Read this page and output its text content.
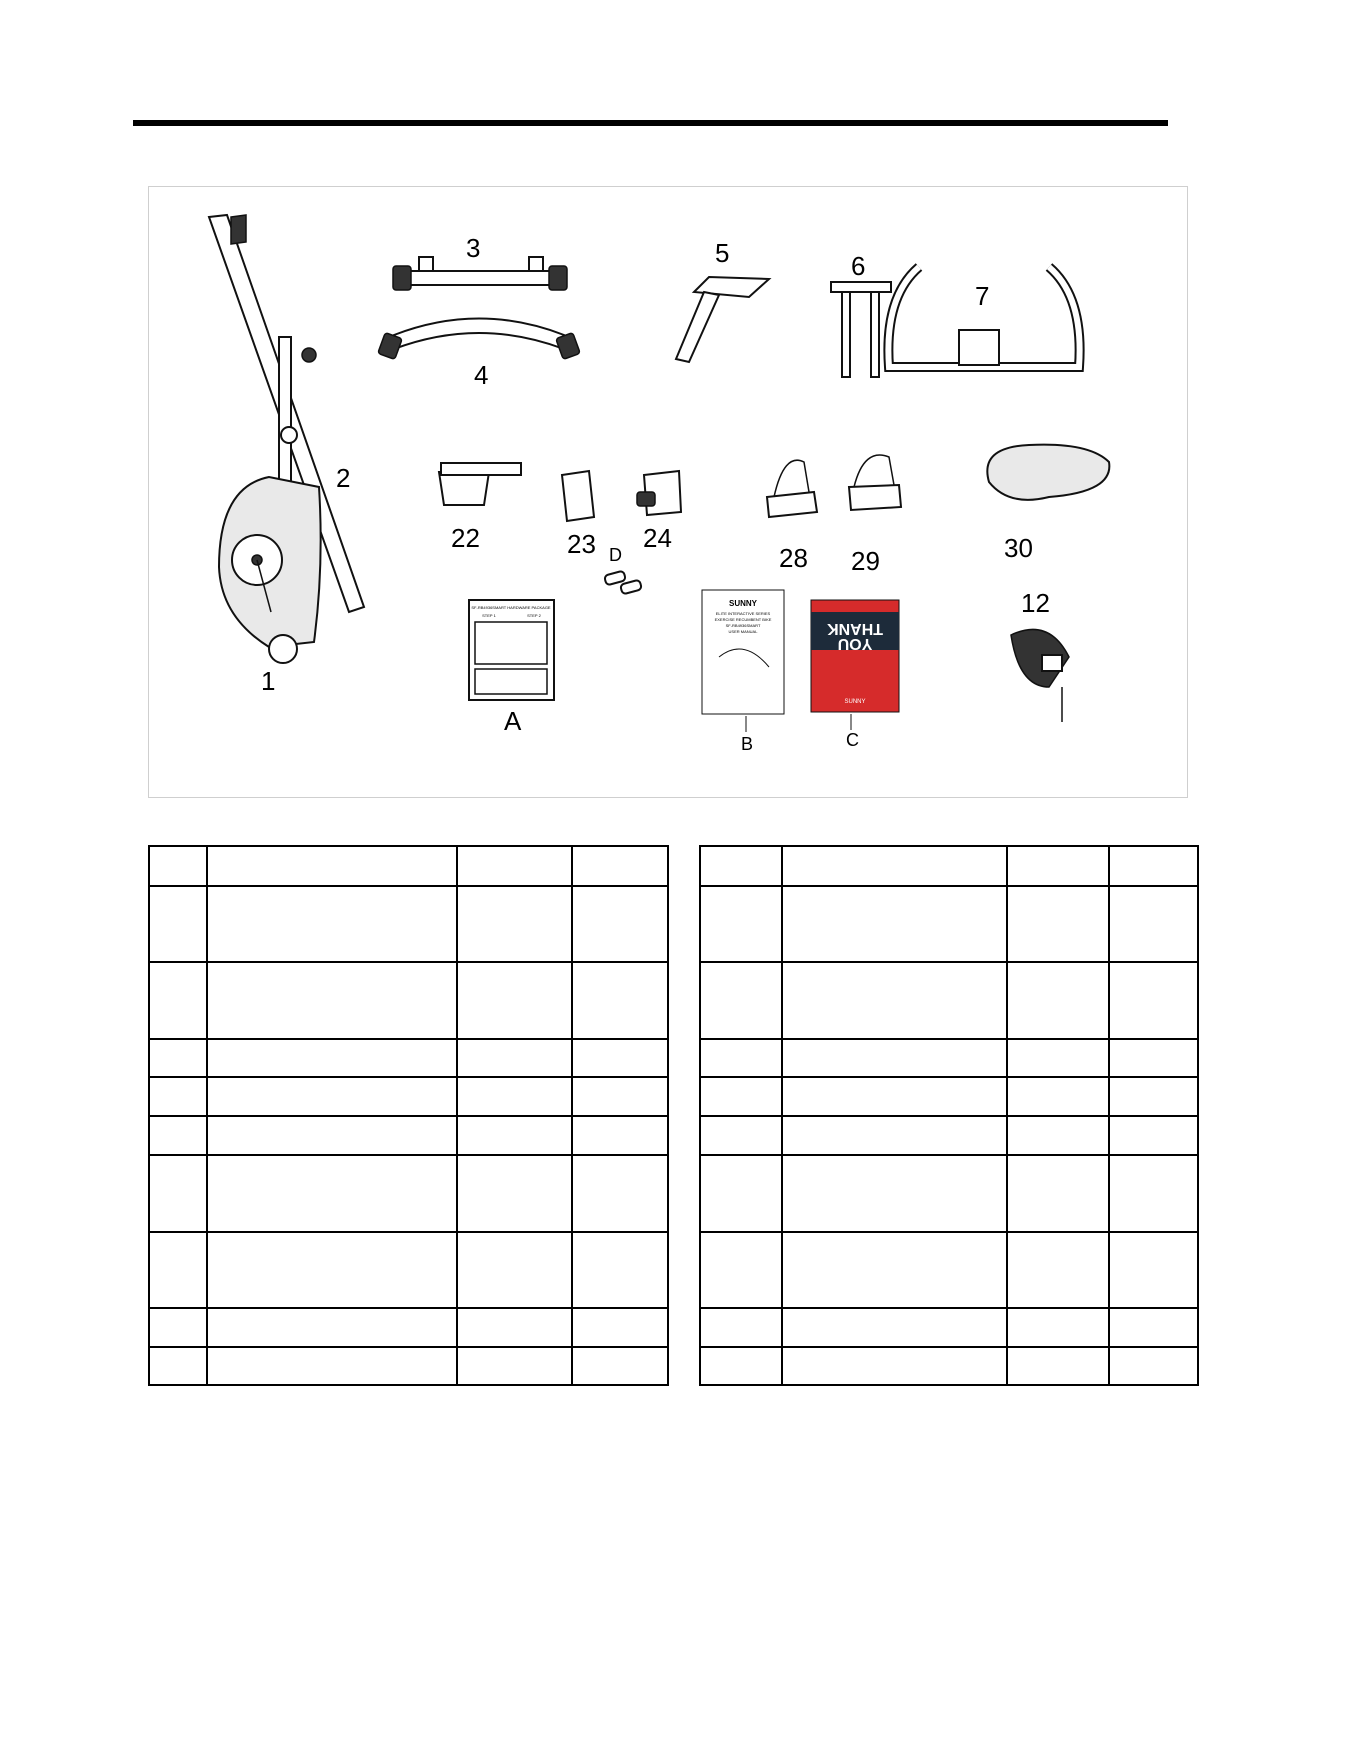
1
2
3
4
5	6
7
22	23 24
28 29	30
12
SF-RB4936SMART HARDWARE PACKAGE
STEP 1	STEP 2
A
D
SUNNY
ELITE INTERACTIVE SERIES
EXERCISE RECUMBENT BIKE
SF-RB4936SMART
USER MANUAL
B
THANK
YOU
SUNNY
C
